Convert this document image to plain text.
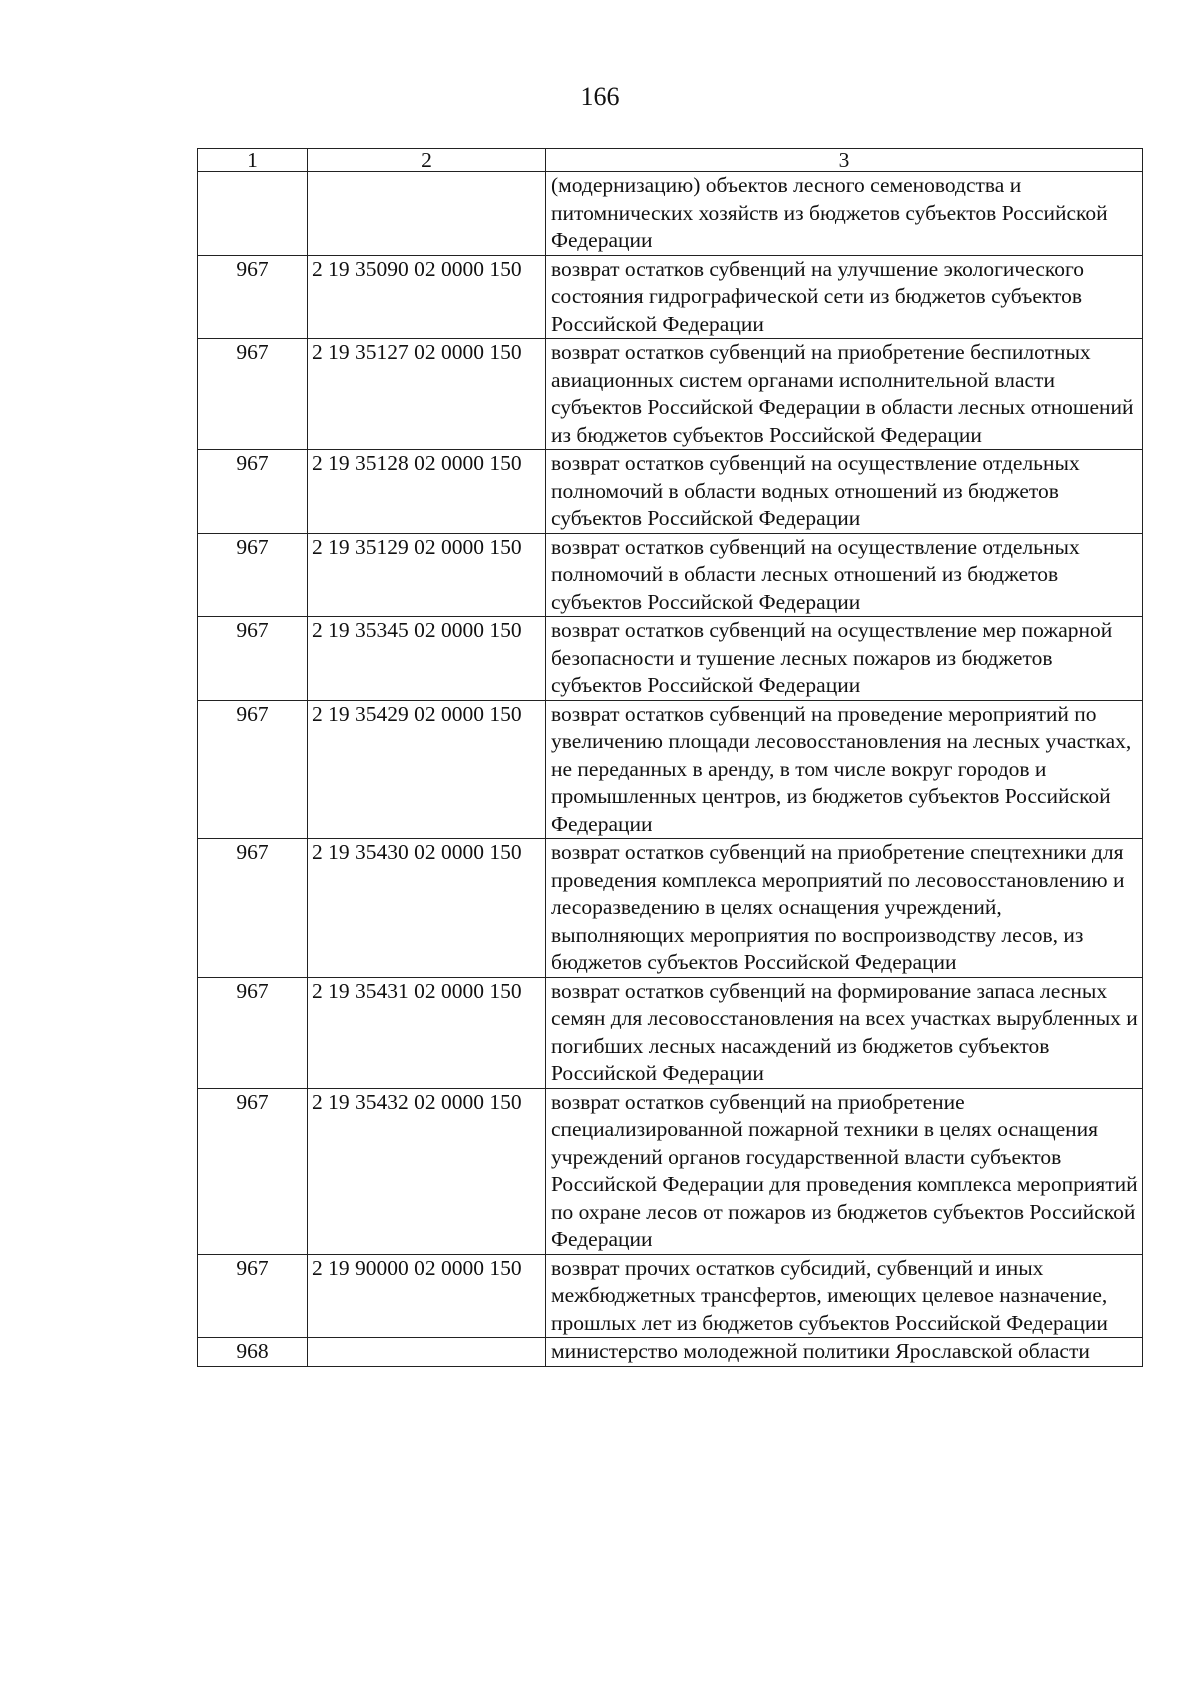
166
1	2	3
		(модернизацию) объектов лесного семеноводства и питомнических хозяйств из бюджетов субъектов Российской Федерации
967	2 19 35090 02 0000 150	возврат остатков субвенций на улучшение экологического состояния гидрографической сети из бюджетов субъектов Российской Федерации
967	2 19 35127 02 0000 150	возврат остатков субвенций на приобретение беспилотных авиационных систем органами исполнительной власти субъектов Российской Федерации в области лесных отношений из бюджетов субъектов Российской Федерации
967	2 19 35128 02 0000 150	возврат остатков субвенций на осуществление отдельных полномочий в области водных отношений из бюджетов субъектов Российской Федерации
967	2 19 35129 02 0000 150	возврат остатков субвенций на осуществление отдельных полномочий в области лесных отношений из бюджетов субъектов Российской Федерации
967	2 19 35345 02 0000 150	возврат остатков субвенций на осуществление мер пожарной безопасности и тушение лесных пожаров из бюджетов субъектов Российской Федерации
967	2 19 35429 02 0000 150	возврат остатков субвенций на проведение мероприятий по увеличению площади лесовосстановления на лесных участках, не переданных в аренду, в том числе вокруг городов и промышленных центров, из бюджетов субъектов Российской Федерации
967	2 19 35430 02 0000 150	возврат остатков субвенций на приобретение спецтехники для проведения комплекса мероприятий по лесовосстановлению и лесоразведению в целях оснащения учреждений, выполняющих мероприятия по воспроизводству лесов, из бюджетов субъектов Российской Федерации
967	2 19 35431 02 0000 150	возврат остатков субвенций на формирование запаса лесных семян для лесовосстановления на всех участках вырубленных и погибших лесных насаждений из бюджетов субъектов Российской Федерации
967	2 19 35432 02 0000 150	возврат остатков субвенций на приобретение специализированной пожарной техники в целях оснащения учреждений органов государственной власти субъектов Российской Федерации для проведения комплекса мероприятий по охране лесов от пожаров из бюджетов субъектов Российской Федерации
967	2 19 90000 02 0000 150	возврат прочих остатков субсидий, субвенций и иных межбюджетных трансфертов, имеющих целевое назначение, прошлых лет из бюджетов субъектов Российской Федерации
968		министерство молодежной политики Ярославской области
